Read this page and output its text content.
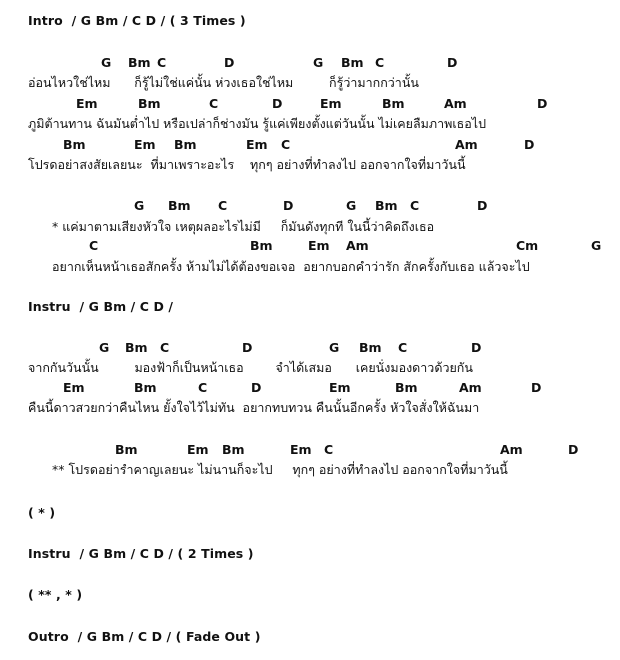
Intro  / G Bm / C D / ( 3 Times )
G Bm C	D	G Bm C	D
อ่อนไหวใช่ไหม      ก็รู้ไม่ใช่แค่นั้น ห่วงเธอใช่ไหม         ก็รู้ว่ามากกว่านั้น
Em	Bm	C	D	Em	Bm	Am	D
ภูมิต้านทาน ฉันมันต่ำไป หรือเปล่าก็ช่างมัน รู้แค่เพียงตั้งแต่วันนั้น ไม่เคยลืมภาพเธอไป
Bm	Em Bm	Em C	Am	D
โปรดอย่าสงสัยเลยนะ  ที่มาเพราะอะไร    ทุกๆ อย่างที่ทำลงไป ออกจากใจที่มาวันนี้
G Bm C	D	G Bm C	D
* แค่มาตามเสียงหัวใจ เหตุผลอะไรไม่มี     ก็มันดังทุกที ในนี้ว่าคิดถึงเธอ
C	Bm	Em Am	Cm	G
อยากเห็นหน้าเธอสักครั้ง ห้ามไม่ได้ต้องขอเจอ  อยากบอกคำว่ารัก สักครั้งกับเธอ แล้วจะไป
Instru  / G Bm / C D /
G Bm C	D	G Bm C	D
จากกันวันนั้น         มองฟ้าก็เป็นหน้าเธอ        จำได้เสมอ      เคยนั่งมองดาวด้วยกัน
Em	Bm	C	D	Em	Bm	Am	D
คืนนี้ดาวสวยกว่าคืนไหน ยั้งใจไว้ไม่ทัน  อยากทบทวน คืนนั้นอีกครั้ง หัวใจสั่งให้ฉันมา
Bm	Em Bm	Em C	Am	D
** โปรดอย่ารำคาญเลยนะ ไม่นานก็จะไป     ทุกๆ อย่างที่ทำลงไป ออกจากใจที่มาวันนี้
( * )
Instru  / G Bm / C D / ( 2 Times )
( ** , * )
Outro  / G Bm / C D / ( Fade Out )
